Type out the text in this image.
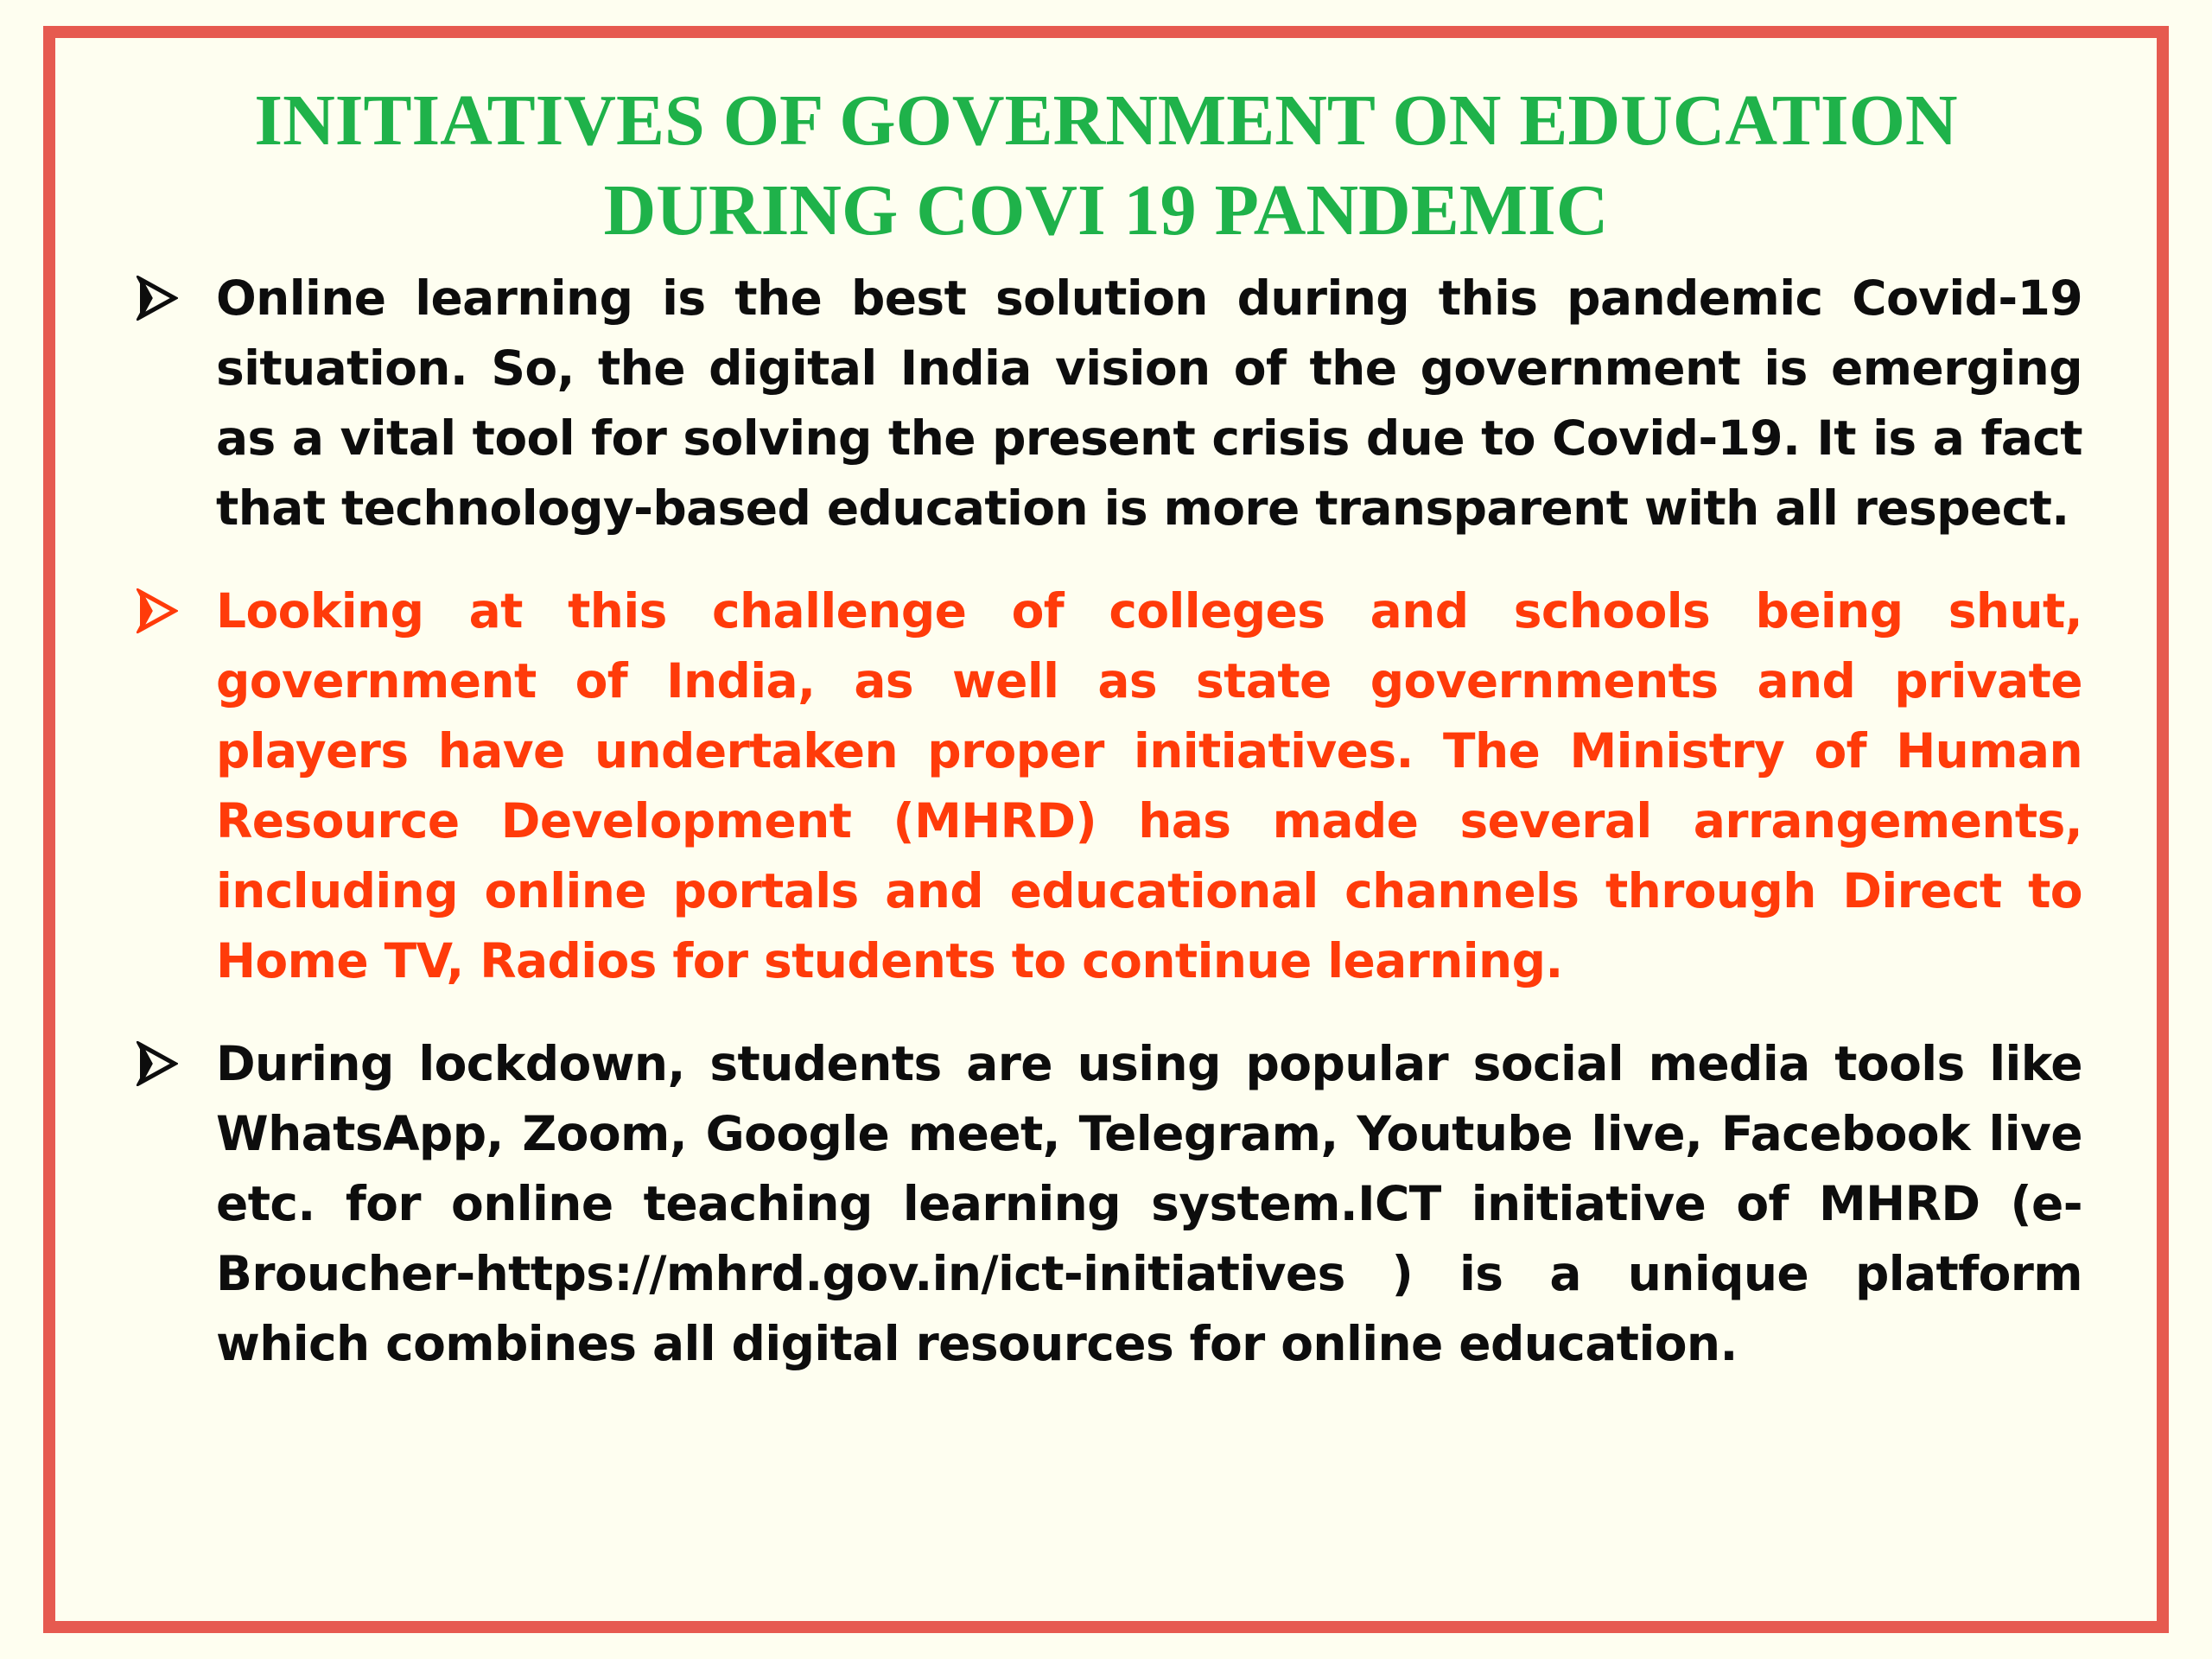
INITIATIVES OF GOVERNMENT ON EDUCATION
DURING COVI 19 PANDEMIC
Online learning is the best solution during this pandemic Covid-19 situation. So, the digital India vision of the government is emerging as a vital tool for solving the present crisis due to Covid-19. It is a fact that technology-based education is more transparent with all respect.
Looking at this challenge of colleges and schools being shut, government of India, as well as state governments and private players have undertaken proper initiatives. The Ministry of Human Resource Development (MHRD) has made several arrangements, including online portals and educational channels through Direct to Home TV, Radios for students to continue learning.
During lockdown, students are using popular social media tools like WhatsApp, Zoom, Google meet, Telegram, Youtube live, Facebook live etc. for online teaching learning system.ICT initiative of MHRD (e-Broucher-https://mhrd.gov.in/ict-initiatives ) is a unique platform which combines all digital resources for online education.
